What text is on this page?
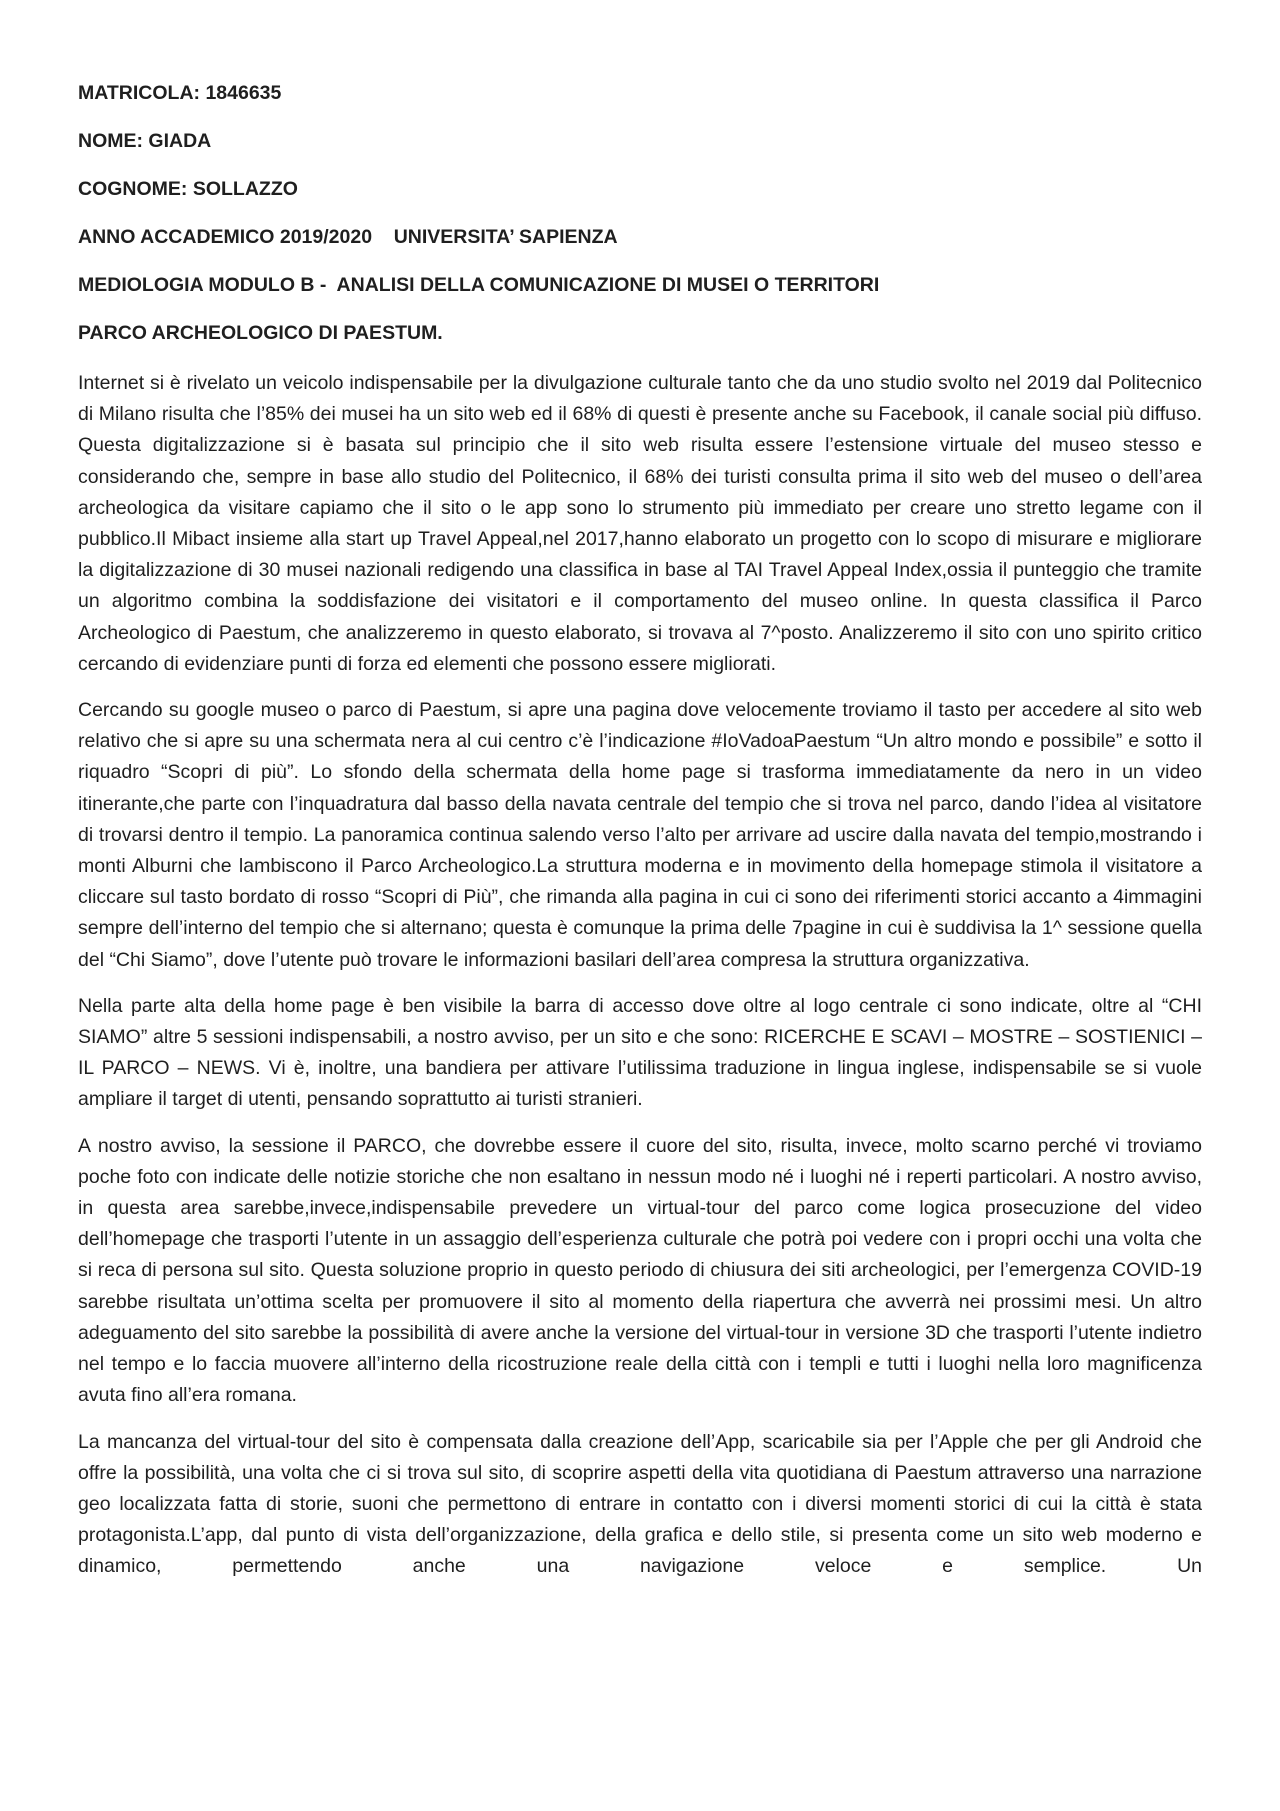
MATRICOLA: 1846635
NOME: GIADA
COGNOME: SOLLAZZO
ANNO ACCADEMICO 2019/2020    UNIVERSITA’ SAPIENZA
MEDIOLOGIA MODULO B -  ANALISI DELLA COMUNICAZIONE DI MUSEI O TERRITORI
PARCO ARCHEOLOGICO DI PAESTUM.

Internet si è rivelato un veicolo indispensabile per la divulgazione culturale tanto che da uno studio svolto nel 2019 dal Politecnico di Milano risulta che l’85% dei musei ha un sito web ed il 68% di questi è presente anche su Facebook, il canale social più diffuso. Questa digitalizzazione si è basata sul principio che il sito web risulta essere l’estensione virtuale del museo stesso e considerando che, sempre in base allo studio del Politecnico, il 68% dei turisti consulta prima il sito web del museo o dell’area archeologica da visitare capiamo che il sito o le app sono lo strumento più immediato per creare uno stretto legame con il pubblico.Il Mibact insieme alla start up Travel Appeal,nel 2017,hanno elaborato un progetto con lo scopo di misurare e migliorare la digitalizzazione di 30 musei nazionali redigendo una classifica in base al TAI Travel Appeal Index,ossia il punteggio che tramite un algoritmo combina la soddisfazione dei visitatori e il comportamento del museo online. In questa classifica il Parco Archeologico di Paestum, che analizzeremo in questo elaborato, si trovava al 7^posto. Analizzeremo il sito con uno spirito critico cercando di evidenziare punti di forza ed elementi che possono essere migliorati.

Cercando su google museo o parco di Paestum, si apre una pagina dove velocemente troviamo il tasto per accedere al sito web relativo che si apre su una schermata nera al cui centro c’è l’indicazione #IoVadoaPaestum “Un altro mondo e possibile” e sotto il riquadro “Scopri di più”. Lo sfondo della schermata della home page si trasforma immediatamente da nero in un video itinerante,che parte con l’inquadratura dal basso della navata centrale del tempio che si trova nel parco, dando l’idea al visitatore di trovarsi dentro il tempio. La panoramica continua salendo verso l’alto per arrivare ad uscire dalla navata del tempio,mostrando i monti Alburni che lambiscono il Parco Archeologico.La struttura moderna e in movimento della homepage stimola il visitatore a cliccare sul tasto bordato di rosso “Scopri di Più”, che rimanda alla pagina in cui ci sono dei riferimenti storici accanto a 4immagini sempre dell’interno del tempio che si alternano; questa è comunque la prima delle 7pagine in cui è suddivisa la 1^ sessione quella del “Chi Siamo”, dove l’utente può trovare le informazioni basilari dell’area compresa la struttura organizzativa.

Nella parte alta della home page è ben visibile la barra di accesso dove oltre al logo centrale ci sono indicate, oltre al “CHI SIAMO” altre 5 sessioni indispensabili, a nostro avviso, per un sito e che sono: RICERCHE E SCAVI – MOSTRE – SOSTIENICI – IL PARCO – NEWS. Vi è, inoltre, una bandiera per attivare l’utilissima traduzione in lingua inglese, indispensabile se si vuole ampliare il target di utenti, pensando soprattutto ai turisti stranieri.

A nostro avviso, la sessione il PARCO, che dovrebbe essere il cuore del sito, risulta, invece, molto scarno perché vi troviamo poche foto con indicate delle notizie storiche che non esaltano in nessun modo né i luoghi né i reperti particolari. A nostro avviso, in questa area sarebbe,invece,indispensabile prevedere un virtual-tour del parco come logica prosecuzione del video dell’homepage che trasporti l’utente in un assaggio dell’esperienza culturale che potrà poi vedere con i propri occhi una volta che si reca di persona sul sito. Questa soluzione proprio in questo periodo di chiusura dei siti archeologici, per l’emergenza COVID-19 sarebbe risultata un’ottima scelta per promuovere il sito al momento della riapertura che avverrà nei prossimi mesi. Un altro adeguamento del sito sarebbe la possibilità di avere anche la versione del virtual-tour in versione 3D che trasporti l’utente indietro nel tempo e lo faccia muovere all’interno della ricostruzione reale della città con i templi e tutti i luoghi nella loro magnificenza avuta fino all’era romana.

La mancanza del virtual-tour del sito è compensata dalla creazione dell’App, scaricabile sia per l’Apple che per gli Android che offre la possibilità, una volta che ci si trova sul sito, di scoprire aspetti della vita quotidiana di Paestum attraverso una narrazione geo localizzata fatta di storie, suoni che permettono di entrare in contatto con i diversi momenti storici di cui la città è stata protagonista.L’app, dal punto di vista dell’organizzazione, della grafica e dello stile, si presenta come un sito web moderno e dinamico, permettendo anche una navigazione veloce e semplice. Un
